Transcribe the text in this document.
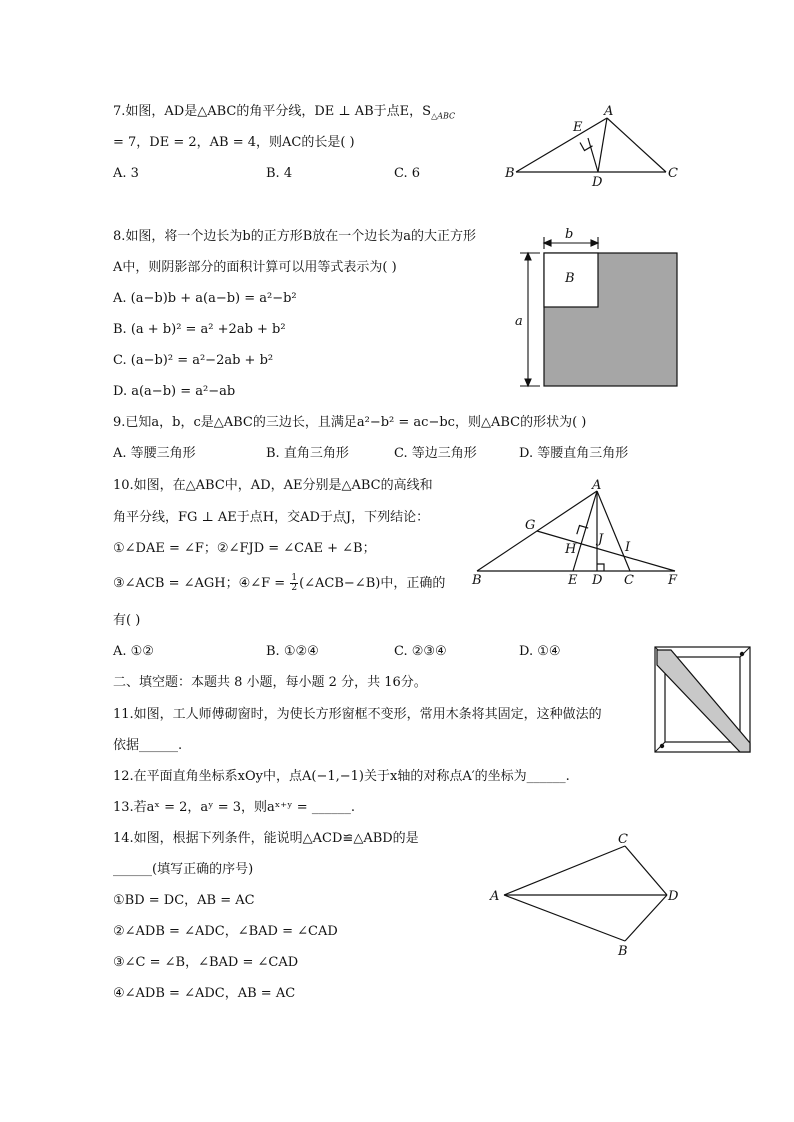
7.如图，AD是△ABC的角平分线，DE ⊥ AB于点E，$S_{\triangle ABC}$
= 7，DE = 2，AB = 4，则AC的长是( )
A. 3	B. 4	C. 6
A
E
B
D
C
8.如图，将一个边长为b的正方形B放在一个边长为a的大正方形
A中，则阴影部分的面积计算可以用等式表示为( )
A. (a−b)b + a(a−b) = a²−b²
B. (a + b)² = a² +2ab + b²
C. (a−b)² = a²−2ab + b²
D. a(a−b) = a²−ab
b
a
B
9.已知a，b，c是△ABC的三边长，且满足a²−b² = ac−bc，则△ABC的形状为( )
A. 等腰三角形	B. 直角三角形	C. 等边三角形	D. 等腰直角三角形
10.如图，在△ABC中，AD，AE分别是△ABC的高线和
角平分线，FG ⊥ AE于点H，交AD于点J，下列结论：
①∠DAE = ∠F；②∠FJD = ∠CAE + ∠B；
③∠ACB = ∠AGH；④∠F = $\frac{1}{2}$ (∠ACB−∠B)中，正确的
有( )
A. ①②	B. ①②④	C. ②③④	D. ①④
A
G
H
J
I
B	E D C	F
二、填空题：本题共 8 小题，每小题 2 分，共 16分。
11.如图，工人师傅砌窗时，为使长方形窗框不变形，常用木条将其固定，这种做法的
依据______.
12.在平面直角坐标系xOy中，点A(−1,−1)关于x轴的对称点A′的坐标为______.
13.若aˣ = 2，aʸ = 3，则aˣ⁺ʸ = ______.
14.如图，根据下列条件，能说明△ACD≌△ABD的是
______(填写正确的序号)
①BD = DC，AB = AC
②∠ADB = ∠ADC，∠BAD = ∠CAD
③∠C = ∠B，∠BAD = ∠CAD
④∠ADB = ∠ADC，AB = AC
C
A	D
B
